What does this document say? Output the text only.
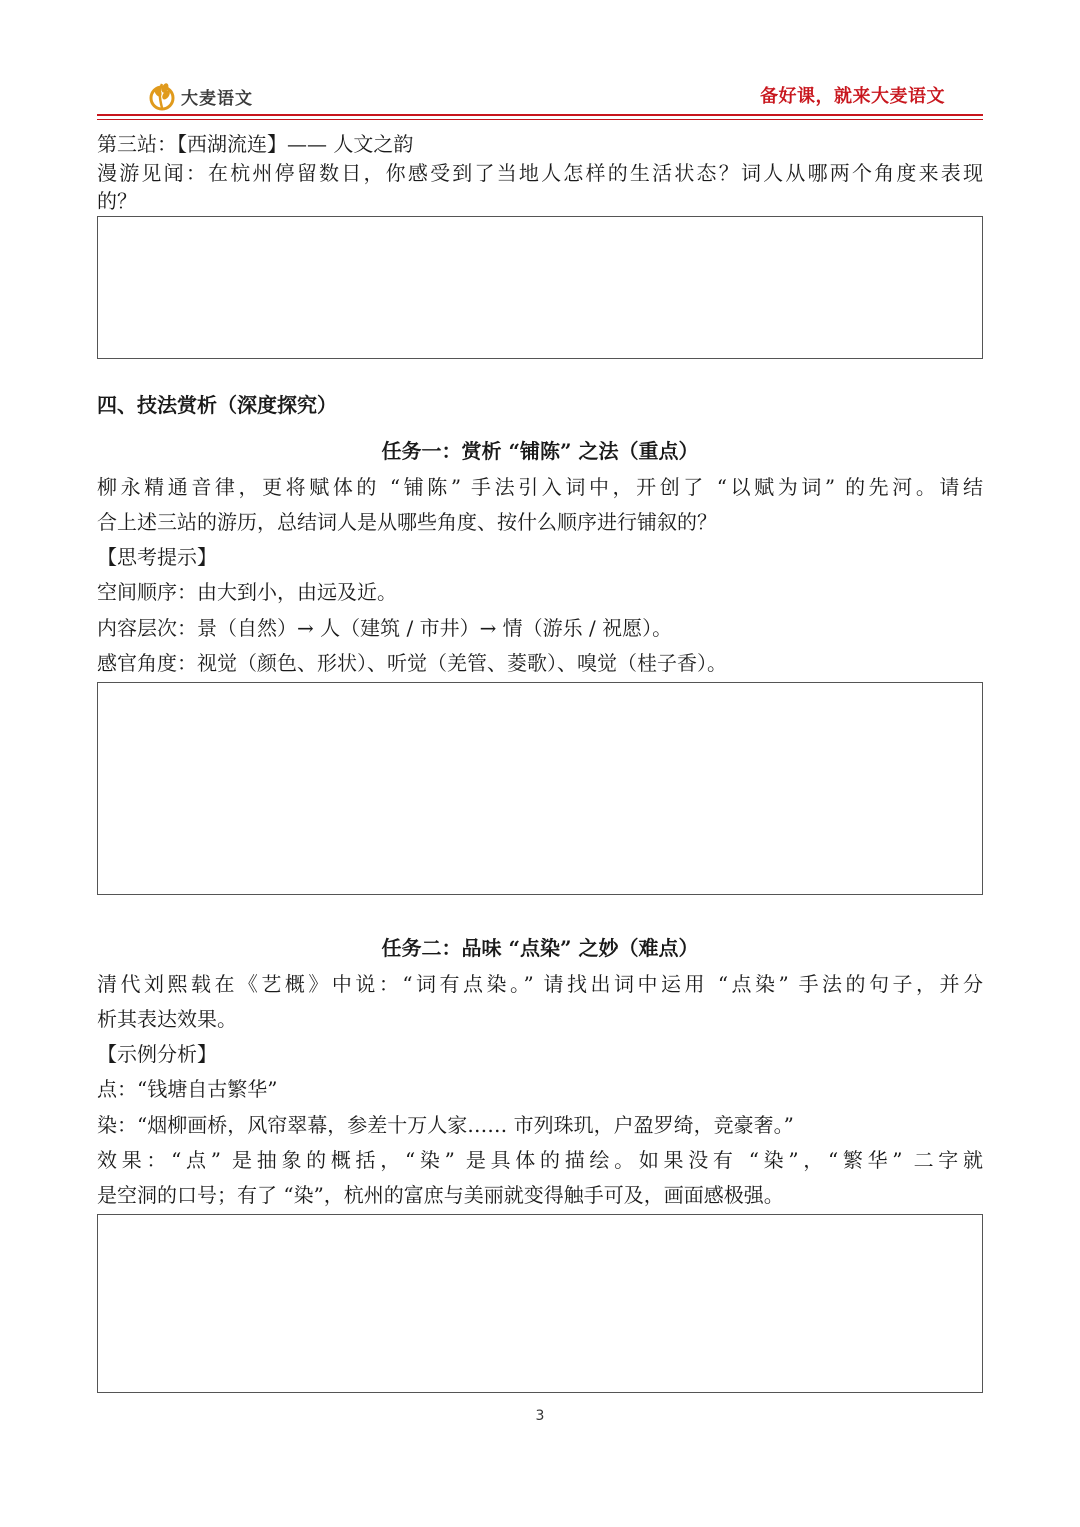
大麦语文	备好课，就来大麦语文
第三站：【西湖流连】—— 人文之韵
漫游见闻：在杭州停留数日，你感受到了当地人怎样的生活状态？词人从哪两个角度来表现
的？
四、技法赏析（深度探究）
任务一：赏析 “铺陈” 之法（重点）
柳永精通音律，更将赋体的 “铺陈” 手法引入词中，开创了 “以赋为词” 的先河。请结
合上述三站的游历，总结词人是从哪些角度、按什么顺序进行铺叙的？
【思考提示】
空间顺序：由大到小，由远及近。
内容层次：景（自然）→ 人（建筑 / 市井）→ 情（游乐 / 祝愿）。
感官角度：视觉（颜色、形状）、听觉（羌管、菱歌）、嗅觉（桂子香）。
任务二：品味 “点染” 之妙（难点）
清代刘熙载在《艺概》中说：“词有点染。” 请找出词中运用 “点染” 手法的句子，并分
析其表达效果。
【示例分析】
点：“钱塘自古繁华”
染：“烟柳画桥，风帘翠幕，参差十万人家…… 市列珠玑，户盈罗绮，竞豪奢。”
效果：“点” 是抽象的概括，“染” 是具体的描绘。如果没有 “染”，“繁华” 二字就
是空洞的口号；有了 “染”，杭州的富庶与美丽就变得触手可及，画面感极强。
3
